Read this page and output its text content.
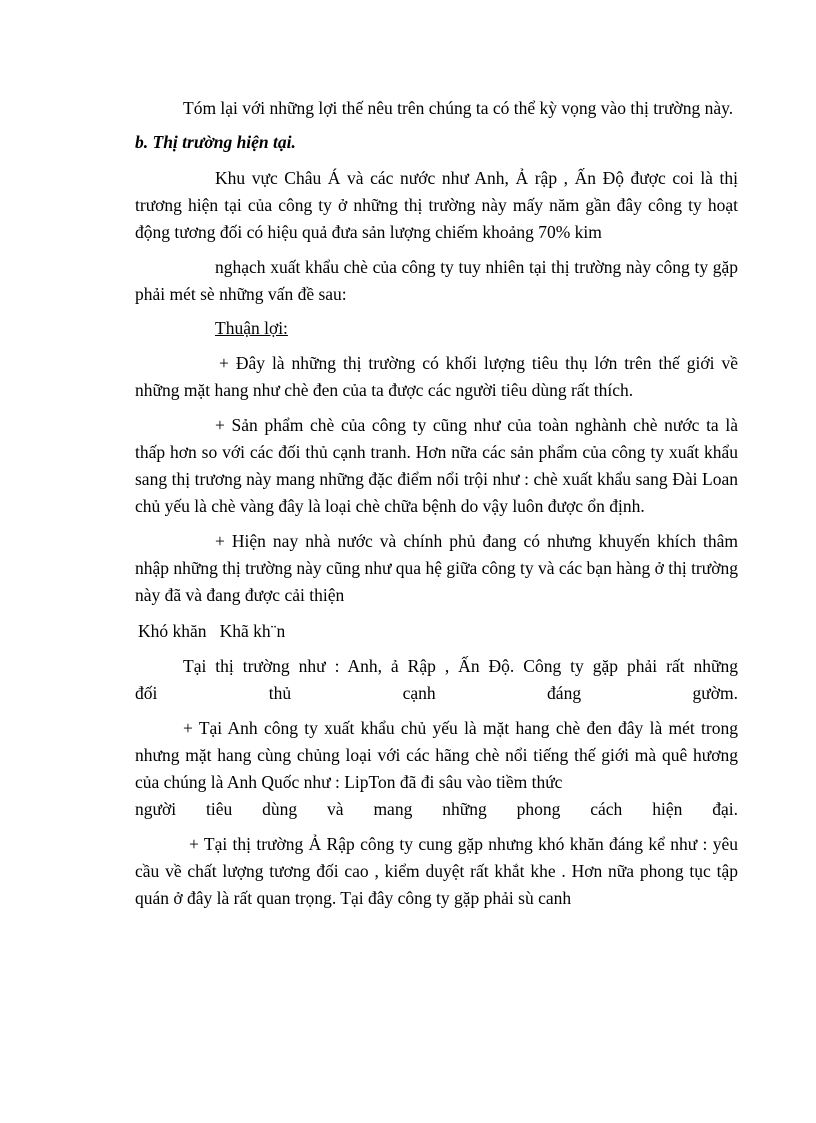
Tóm lại với những lợi thế nêu trên chúng ta có thể kỳ vọng vào thị trường này.

b. Thị trường hiện tại.

Khu vực Châu Á và các nước như Anh, Ả rập , Ấn Độ được coi là thị trương hiện tại của công ty ở những thị trường này mấy năm gần đây công ty hoạt động tương đối có hiệu quả đưa sản lượng chiếm khoảng 70% kim

nghạch xuất khẩu chè của công ty tuy nhiên tại thị trường này công ty gặp phải mét sè những vấn đề sau:

Thuận lợi:

+ Đây là những thị trường có khối lượng tiêu thụ lớn trên thế giới về những mặt hang như chè đen của ta được các người tiêu dùng rất thích.

+ Sản phẩm chè của công ty cũng như của toàn nghành chè nước ta là thấp hơn so với các đối thủ cạnh tranh. Hơn nữa các sản phẩm của công ty xuất khẩu sang thị trương này mang những đặc điểm nổi trội như : chè xuất khẩu sang Đài Loan chủ yếu là chè vàng đây là loại chè chữa bệnh do vậy luôn được ổn định.

+ Hiện nay nhà nước và chính phủ đang có nhưng khuyến khích thâm nhập những thị trường này cũng như qua hệ giữa công ty và các bạn hàng ở thị trường này đã và đang được cải thiện

Khó khăn   Khã kh¨n

Tại thị trường như : Anh, ả Rập , Ấn Độ. Công ty gặp phải rất những
đối thủ cạnh đáng gườm.

+ Tại Anh công ty xuất khẩu chủ yếu là mặt hang chè đen đây là mét trong nhưng mặt hang cùng chủng loại với các hãng chè nổi tiếng thế giới mà quê hương của chúng là Anh Quốc như : LipTon đã đi sâu vào tiềm thức
người tiêu dùng và mang những phong cách hiện đại.

+ Tại thị trường Ả Rập công ty cung gặp nhưng khó khăn đáng kể như : yêu cầu về chất lượng tương đối cao , kiểm duyệt rất khắt khe . Hơn nữa phong tục tập quán ở đây là rất quan trọng. Tại đây công ty gặp phải sù canh
